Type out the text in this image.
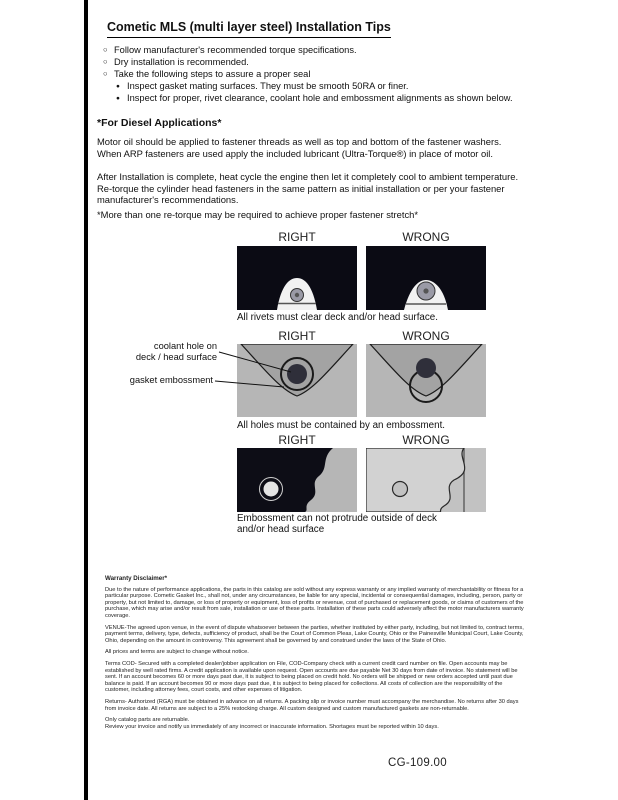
Cometic MLS (multi layer steel) Installation Tips
○ Follow manufacturer's recommended torque specifications.
○ Dry installation is recommended.
○ Take the following steps to assure a proper seal
● Inspect gasket mating surfaces. They must be smooth 50RA or finer.
● Inspect for proper, rivet clearance, coolant hole and embossment alignments as shown below.
*For Diesel Applications*
Motor oil should be applied to fastener threads as well as top and bottom of the fastener washers. When ARP fasteners are used apply the included lubricant (Ultra-Torque®) in place of motor oil.
After Installation is complete, heat cycle the engine then let it completely cool to ambient temperature. Re-torque the cylinder head fasteners in the same pattern as initial installation or per your fastener manufacturer's recommendations.
*More than one re-torque may be required to achieve proper fastener stretch*
RIGHT	WRONG
All rivets must clear deck and/or head surface.
RIGHT	WRONG
coolant hole on
deck / head surface
gasket embossment
All holes must be contained by an embossment.
RIGHT	WRONG
Embossment can not protrude outside of deck
and/or head surface
Warranty Disclaimer*

Due to the nature of performance applications, the parts in this catalog are sold without any express warranty or any implied warranty of merchantability or fitness for a particular purpose. Cometic Gasket Inc., shall not, under any circumstances, be liable for any special, incidental or consequential damages, including, person, party or property, but not limited to, damage, or loss of property or equipment, loss of profits or revenue, cost of purchased or replacement goods, or claims of customers of the purchase, which may arise and/or result from sale, installation or use of these parts. Installation of these parts could adversely affect the motor manufacturers warranty coverage.

VENUE-The agreed upon venue, in the event of dispute whatsoever between the parties, whether instituted by either party, including, but not limited to, contract terms, payment terms, delivery, type, defects, sufficiency of product, shall be the Court of Common Pleas, Lake County, Ohio or the Painesville Municipal Court, Lake County, Ohio, depending on the amount in controversy. This agreement shall be governed by and construed under the laws of the State of Ohio.

All prices and terms are subject to change without notice.

Terms COD- Secured with a completed dealer/jobber application on File, COD-Company check with a current credit card number on file. Open accounts may be established by well rated firms. A credit application is available upon request. Open accounts are due payable Net 30 days from date of invoice. No statement will be sent. If an account becomes 60 or more days past due, it is subject to being placed on credit hold. No orders will be shipped or new orders accepted until past due balance is paid. If an account becomes 90 or more days past due, it is subject to being placed for collections. All costs of collection are the responsibility of the customer, including attorney fees, court costs, and other expenses of litigation.

Returns- Authorized (RGA) must be obtained in advance on all returns. A packing slip or invoice number must accompany the merchandise. No returns after 30 days from invoice date. All returns are subject to a 25% restocking charge. All custom designed and custom manufactured gaskets are non-returnable.

Only catalog parts are returnable.

Review your invoice and notify us immediately of any incorrect or inaccurate information. Shortages must be reported within 10 days.

CG-109.00
